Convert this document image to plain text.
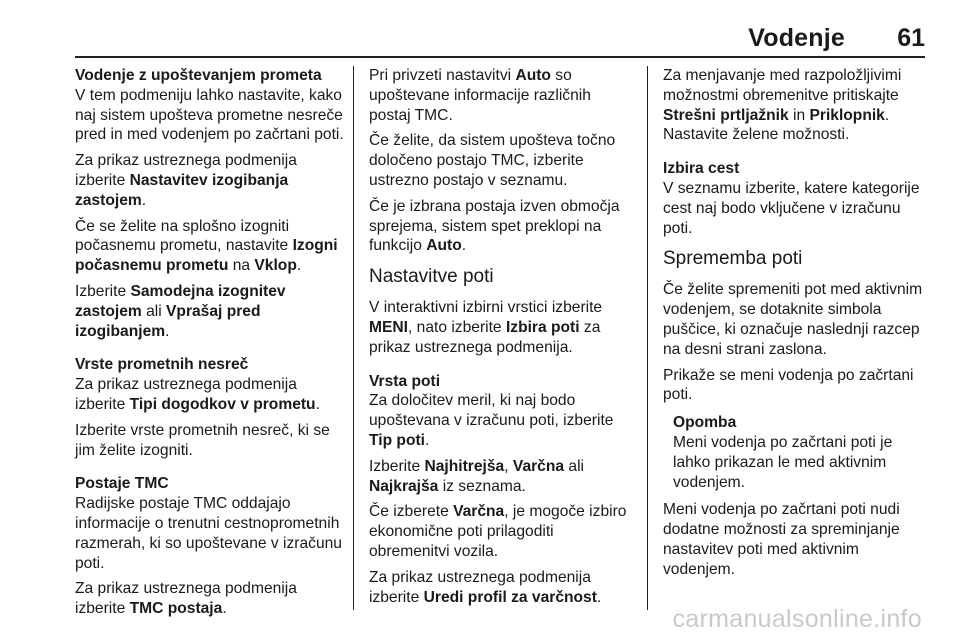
Vodenje 61

Vodenje z upoštevanjem prometa

V tem podmeniju lahko nastavite, kako naj sistem upošteva prometne nesreče pred in med vodenjem po začrtani poti.

Za prikaz ustreznega podmenija izberite Nastavitev izogibanja zastojem.

Če se želite na splošno izogniti počasnemu prometu, nastavite Izogni počasnemu prometu na Vklop.

Izberite Samodejna izognitev zastojem ali Vprašaj pred izogibanjem.

Vrste prometnih nesreč

Za prikaz ustreznega podmenija izberite Tipi dogodkov v prometu.

Izberite vrste prometnih nesreč, ki se jim želite izogniti.

Postaje TMC

Radijske postaje TMC oddajajo informacije o trenutni cestnoprometnih razmerah, ki so upoštevane v izračunu poti.

Za prikaz ustreznega podmenija izberite TMC postaja.

Pri privzeti nastavitvi Auto so upoštevane informacije različnih postaj TMC.

Če želite, da sistem upošteva točno določeno postajo TMC, izberite ustrezno postajo v seznamu.

Če je izbrana postaja izven območja sprejema, sistem spet preklopi na funkcijo Auto.

Nastavitve poti

V interaktivni izbirni vrstici izberite MENI, nato izberite Izbira poti za prikaz ustreznega podmenija.

Vrsta poti

Za določitev meril, ki naj bodo upoštevana v izračunu poti, izberite Tip poti.

Izberite Najhitrejša, Varčna ali Najkrajša iz seznama.

Če izberete Varčna, je mogoče izbiro ekonomične poti prilagoditi obremenitvi vozila.

Za prikaz ustreznega podmenija izberite Uredi profil za varčnost.

Za menjavanje med razpoložljivimi možnostmi obremenitve pritiskajte Strešni prtljažnik in Priklopnik.
Nastavite želene možnosti.

Izbira cest

V seznamu izberite, katere kategorije cest naj bodo vključene v izračunu poti.

Sprememba poti

Če želite spremeniti pot med aktivnim vodenjem, se dotaknite simbola puščice, ki označuje naslednji razcep na desni strani zaslona.

Prikaže se meni vodenja po začrtani poti.

Opomba
Meni vodenja po začrtani poti je lahko prikazan le med aktivnim vodenjem.

Meni vodenja po začrtani poti nudi dodatne možnosti za spreminjanje nastavitev poti med aktivnim vodenjem.

carmanualsonline.info
